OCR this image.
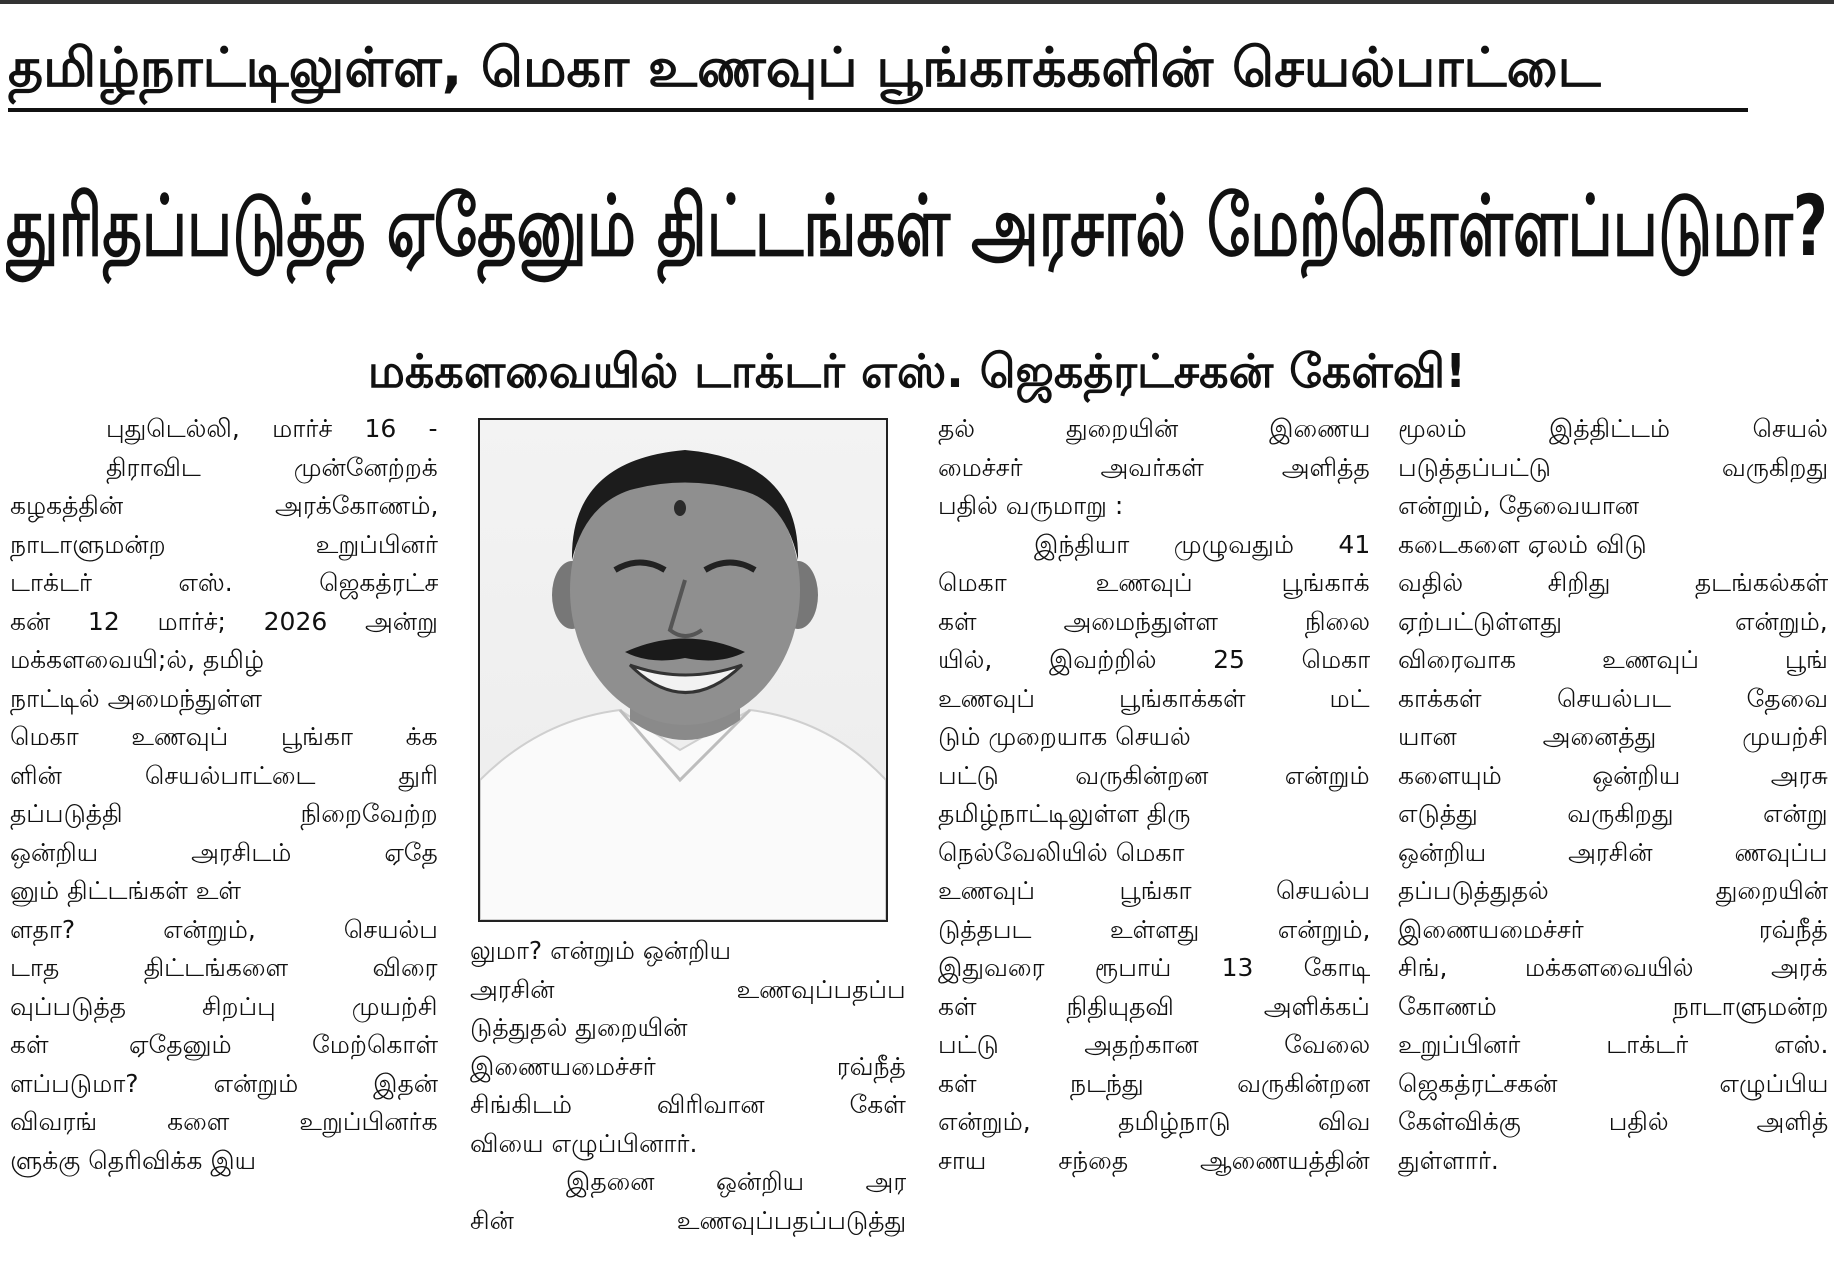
தமிழ்நாட்டிலுள்ள, மெகா உணவுப் பூங்காக்களின் செயல்பாட்டை
துரிதப்படுத்த ஏதேனும் திட்டங்கள் அரசால் மேற்கொள்ளப்படுமா?
மக்களவையில் டாக்டர் எஸ். ஜெகத்ரட்சகன் கேள்வி!
புதுடெல்லி, மார்ச் 16 -
திராவிட முன்னேற்றக்
கழகத்தின் அரக்கோணம்,
நாடாளுமன்ற உறுப்பினர்
டாக்டர் எஸ். ஜெகத்ரட்ச
கன் 12 மார்ச்; 2026 அன்று
மக்களவையி;ல், தமிழ்
நாட்டில் அமைந்துள்ள
மெகா உணவுப் பூங்கா க்க
ளின் செயல்பாட்டை துரி
தப்படுத்தி நிறைவேற்ற
ஒன்றிய அரசிடம் ஏதே
னும் திட்டங்கள் உள்
ளதா? என்றும், செயல்ப
டாத திட்டங்களை விரை
வுப்படுத்த சிறப்பு முயற்சி
கள் ஏதேனும் மேற்கொள்
ளப்படுமா? என்றும் இதன்
விவரங் களை உறுப்பினர்க
ளுக்கு தெரிவிக்க இய
லுமா? என்றும் ஒன்றிய
அரசின் உணவுப்பதப்ப
டுத்துதல் துறையின்
இணையமைச்சர் ரவ்நீத்
சிங்கிடம் விரிவான கேள்
வியை எழுப்பினார்.
இதனை ஒன்றிய அர
சின் உணவுப்பதப்படுத்து
தல் துறையின் இணைய
மைச்சர் அவர்கள் அளித்த
பதில் வருமாறு :
இந்தியா முழுவதும் 41
மெகா உணவுப் பூங்காக்
கள் அமைந்துள்ள நிலை
யில், இவற்றில் 25 மெகா
உணவுப் பூங்காக்கள் மட்
டும் முறையாக செயல்
பட்டு வருகின்றன என்றும்
தமிழ்நாட்டிலுள்ள திரு
நெல்வேலியில் மெகா
உணவுப் பூங்கா செயல்ப
டுத்தபட உள்ளது என்றும்,
இதுவரை ரூபாய் 13 கோடி
கள் நிதியுதவி அளிக்கப்
பட்டு அதற்கான வேலை
கள் நடந்து வருகின்றன
என்றும், தமிழ்நாடு விவ
சாய சந்தை ஆணையத்தின்
மூலம் இத்திட்டம் செயல்
படுத்தப்பட்டு வருகிறது
என்றும், தேவையான
கடைகளை ஏலம் விடு
வதில் சிறிது தடங்கல்கள்
ஏற்பட்டுள்ளது என்றும்,
விரைவாக உணவுப் பூங்
காக்கள் செயல்பட தேவை
யான அனைத்து முயற்சி
களையும் ஒன்றிய அரசு
எடுத்து வருகிறது என்று
ஒன்றிய அரசின் ணவுப்ப
தப்படுத்துதல் துறையின்
இணையமைச்சர் ரவ்நீத்
சிங், மக்களவையில் அரக்
கோணம் நாடாளுமன்ற
உறுப்பினர் டாக்டர் எஸ்.
ஜெகத்ரட்சகன் எழுப்பிய
கேள்விக்கு பதில் அளித்
துள்ளார்.
